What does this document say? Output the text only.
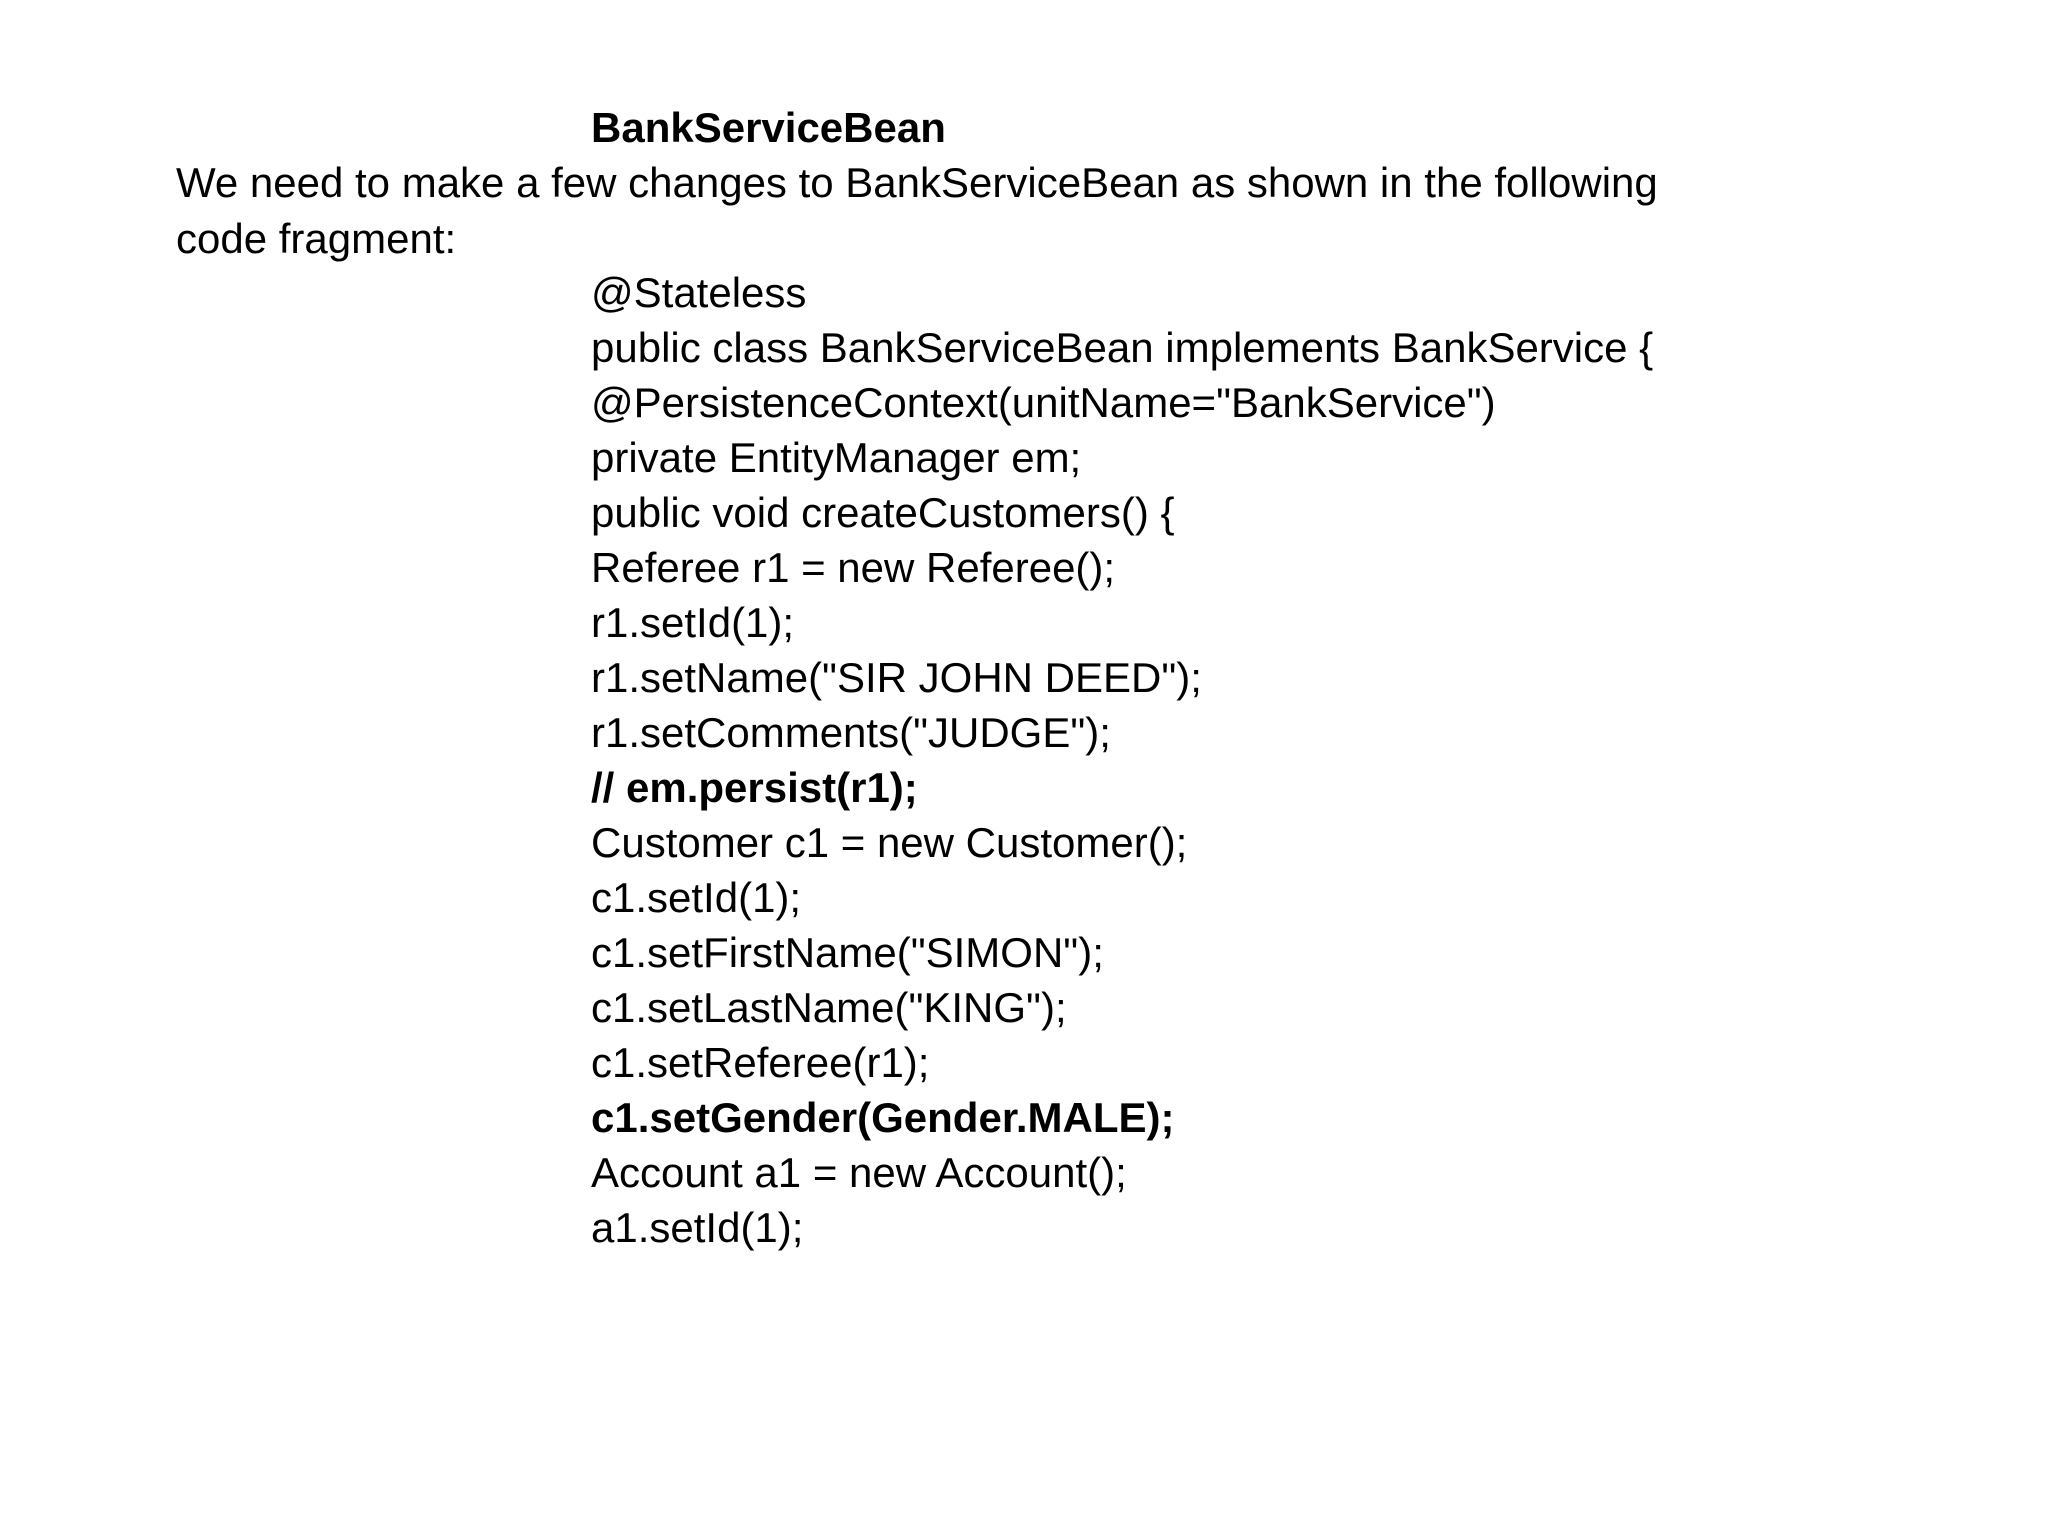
BankServiceBean
We need to make a few changes to BankServiceBean as shown in the following
code fragment:
@Stateless
public class BankServiceBean implements BankService {
@PersistenceContext(unitName="BankService")
private EntityManager em;
public void createCustomers() {
Referee r1 = new Referee();
r1.setId(1);
r1.setName("SIR JOHN DEED");
r1.setComments("JUDGE");
// em.persist(r1);
Customer c1 = new Customer();
c1.setId(1);
c1.setFirstName("SIMON");
c1.setLastName("KING");
c1.setReferee(r1);
c1.setGender(Gender.MALE);
Account a1 = new Account();
a1.setId(1);
